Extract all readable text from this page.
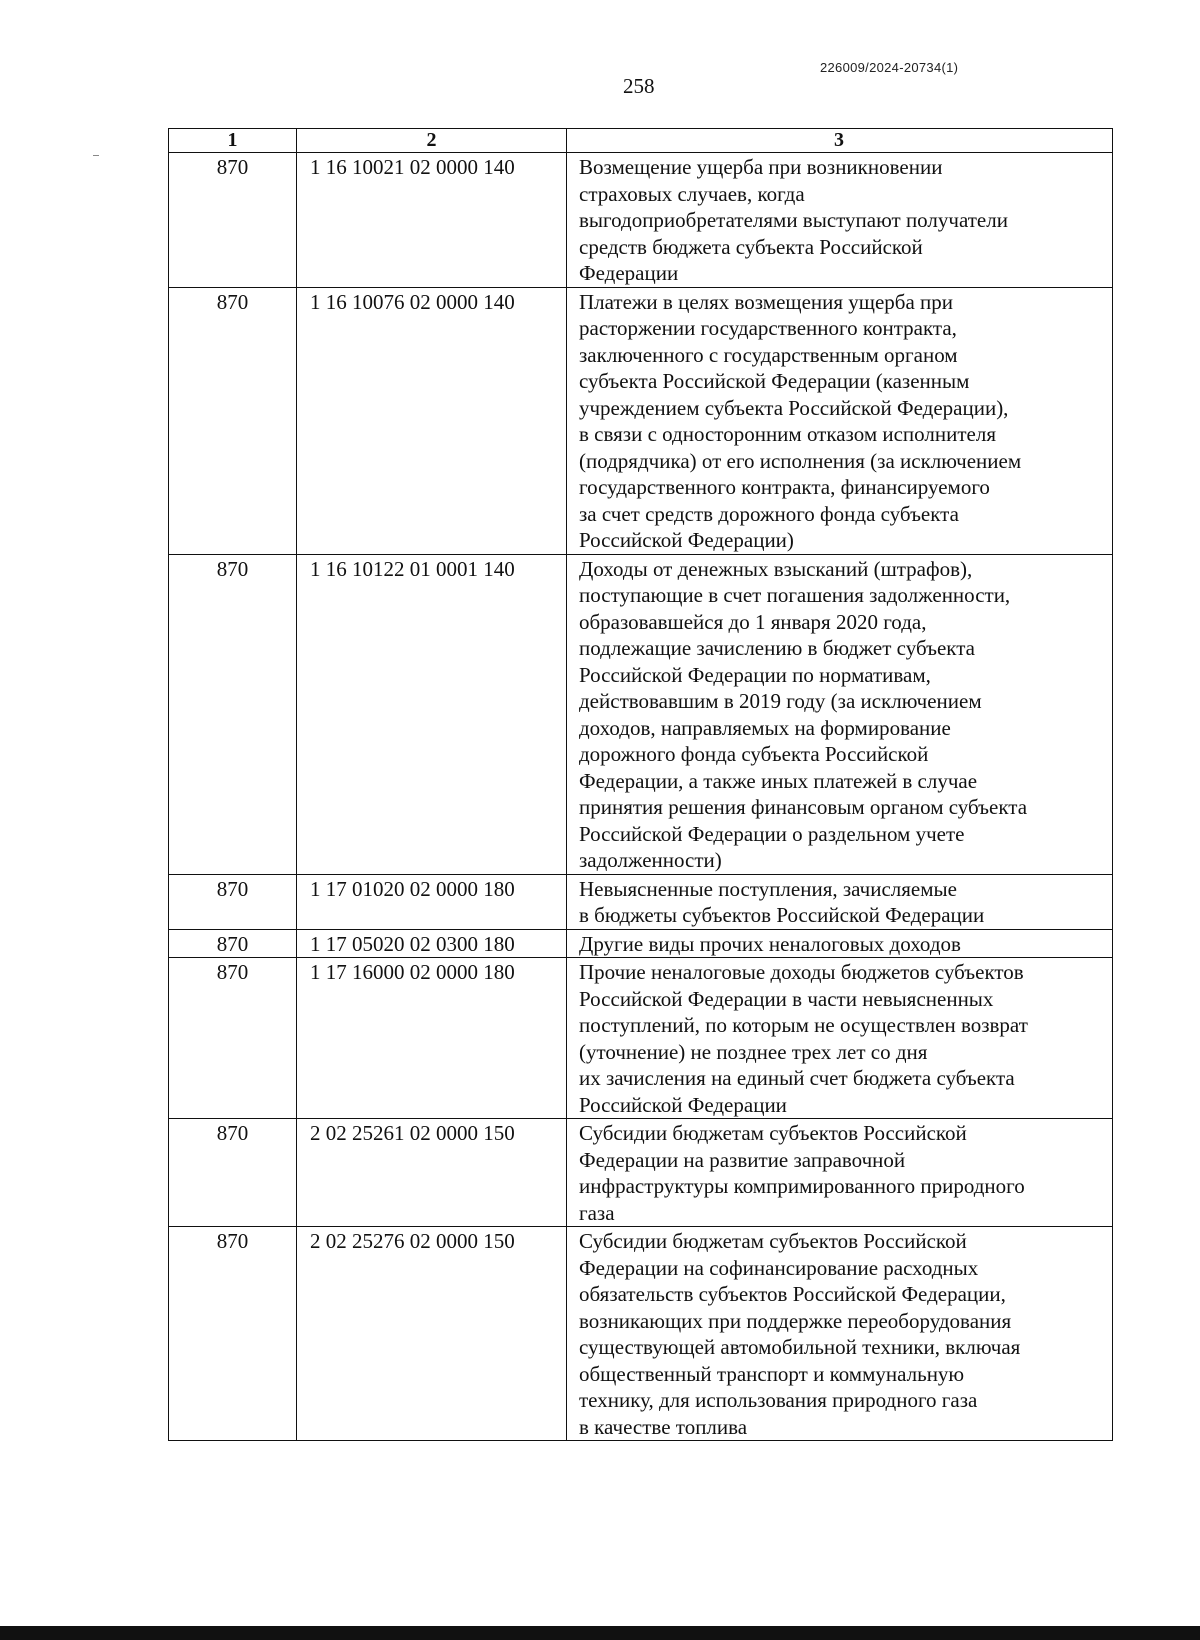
226009/2024-20734(1)
258
1	2	3
870	1 16 10021 02 0000 140	Возмещение ущерба при возникновении
страховых случаев, когда
выгодоприобретателями выступают получатели
средств бюджета субъекта Российской
Федерации
870	1 16 10076 02 0000 140	Платежи в целях возмещения ущерба при
расторжении государственного контракта,
заключенного с государственным органом
субъекта Российской Федерации (казенным
учреждением субъекта Российской Федерации),
в связи с односторонним отказом исполнителя
(подрядчика) от его исполнения (за исключением
государственного контракта, финансируемого
за счет средств дорожного фонда субъекта
Российской Федерации)
870	1 16 10122 01 0001 140	Доходы от денежных взысканий (штрафов),
поступающие в счет погашения задолженности,
образовавшейся до 1 января 2020 года,
подлежащие зачислению в бюджет субъекта
Российской Федерации по нормативам,
действовавшим в 2019 году (за исключением
доходов, направляемых на формирование
дорожного фонда субъекта Российской
Федерации, а также иных платежей в случае
принятия решения финансовым органом субъекта
Российской Федерации о раздельном учете
задолженности)
870	1 17 01020 02 0000 180	Невыясненные поступления, зачисляемые
в бюджеты субъектов Российской Федерации
870	1 17 05020 02 0300 180	Другие виды прочих неналоговых доходов
870	1 17 16000 02 0000 180	Прочие неналоговые доходы бюджетов субъектов
Российской Федерации в части невыясненных
поступлений, по которым не осуществлен возврат
(уточнение) не позднее трех лет со дня
их зачисления на единый счет бюджета субъекта
Российской Федерации
870	2 02 25261 02 0000 150	Субсидии бюджетам субъектов Российской
Федерации на развитие заправочной
инфраструктуры компримированного природного
газа
870	2 02 25276 02 0000 150	Субсидии бюджетам субъектов Российской
Федерации на софинансирование расходных
обязательств субъектов Российской Федерации,
возникающих при поддержке переоборудования
существующей автомобильной техники, включая
общественный транспорт и коммунальную
технику, для использования природного газа
в качестве топлива
